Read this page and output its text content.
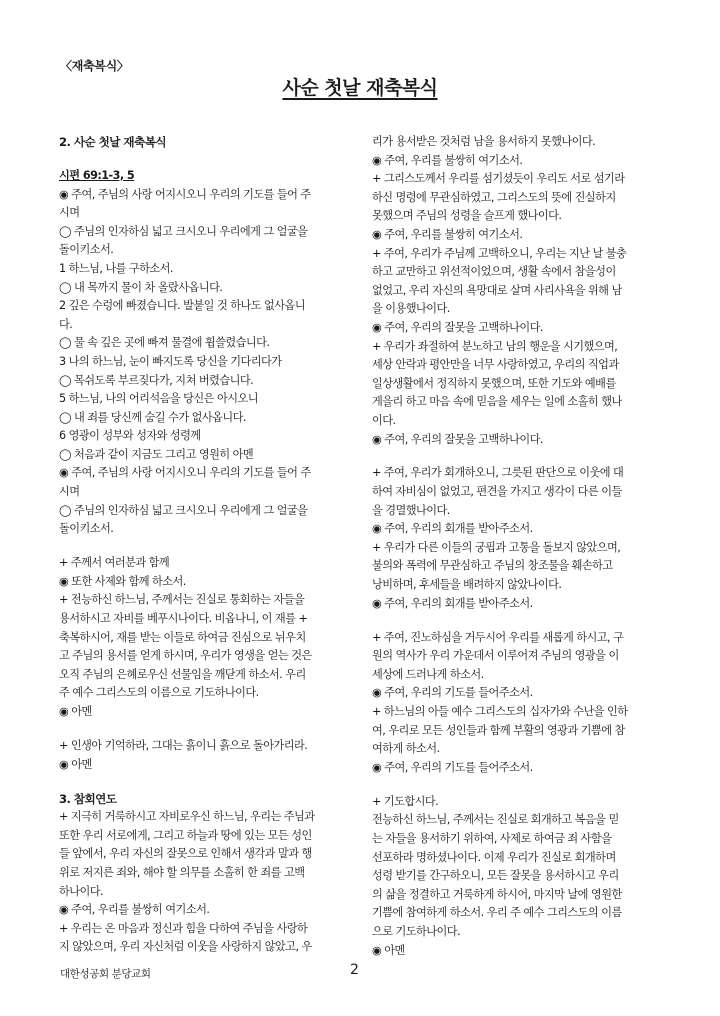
〈재축복식〉
사순 첫날 재축복식
2. 사순 첫날 재축복식
시편 69:1-3, 5
◉ 주여, 주님의 사랑 어지시오니 우리의 기도를 들어 주
시며
◯ 주님의 인자하심 넓고 크시오니 우리에게 그 얼굴을
돌이키소서.
1 하느님, 나를 구하소서.
◯ 내 목까지 물이 차 올랐사옵니다.
2 깊은 수렁에 빠졌습니다. 발붙일 것 하나도 없사옵니
다.
◯ 물 속 깊은 곳에 빠져 물결에 휩쓸렸습니다.
3 나의 하느님, 눈이 빠지도록 당신을 기다리다가
◯ 목쉬도록 부르짖다가, 지쳐 버렸습니다.
5 하느님, 나의 어리석음을 당신은 아시오니
◯ 내 죄를 당신께 숨길 수가 없사옵니다.
6 영광이 성부와 성자와 성령께
◯ 처음과 같이 지금도 그리고 영원히 아멘
◉ 주여, 주님의 사랑 어지시오니 우리의 기도를 들어 주
시며
◯ 주님의 인자하심 넓고 크시오니 우리에게 그 얼굴을
돌이키소서.
+ 주께서 여러분과 함께
◉ 또한 사제와 함께 하소서.
+ 전능하신 하느님, 주께서는 진실로 통회하는 자들을
용서하시고 자비를 베푸시나이다. 비옵나니, 이 재를 +
축복하시어, 재를 받는 이들로 하여금 진심으로 뉘우치
고 주님의 용서를 얻게 하시며, 우리가 영생을 얻는 것은
오직 주님의 은혜로우신 선물임을 깨닫게 하소서. 우리
주 예수 그리스도의 이름으로 기도하나이다.
◉ 아멘
+ 인생아 기억하라, 그대는 흙이니 흙으로 돌아가리라.
◉ 아멘
3. 참회연도
+ 지극히 거룩하시고 자비로우신 하느님, 우리는 주님과
또한 우리 서로에게, 그리고 하늘과 땅에 있는 모든 성인
들 앞에서, 우리 자신의 잘못으로 인해서 생각과 말과 행
위로 저지른 죄와, 해야 할 의무를 소홀히 한 죄를 고백
하나이다.
◉ 주여, 우리를 불쌍히 여기소서.
+ 우리는 온 마음과 정신과 힘을 다하여 주님을 사랑하
지 않았으며, 우리 자신처럼 이웃을 사랑하지 않았고, 우
리가 용서받은 것처럼 남을 용서하지 못했나이다.
◉ 주여, 우리를 불쌍히 여기소서.
+ 그리스도께서 우리를 섬기셨듯이 우리도 서로 섬기라
하신 명령에 무관심하였고, 그리스도의 뜻에 진실하지
못했으며 주님의 성령을 슬프게 했나이다.
◉ 주여, 우리를 불쌍히 여기소서.
+ 주여, 우리가 주님께 고백하오니, 우리는 지난 날 불충
하고 교만하고 위선적이었으며, 생활 속에서 참을성이
없었고, 우리 자신의 욕망대로 살며 사리사욕을 위해 남
을 이용했나이다.
◉ 주여, 우리의 잘못을 고백하나이다.
+ 우리가 좌절하여 분노하고 남의 행운을 시기했으며,
세상 안락과 평안만을 너무 사랑하였고, 우리의 직업과
일상생활에서 정직하지 못했으며, 또한 기도와 예배를
게을리 하고 마음 속에 믿음을 세우는 일에 소홀히 했나
이다.
◉ 주여, 우리의 잘못을 고백하나이다.
+ 주여, 우리가 회개하오니, 그릇된 판단으로 이웃에 대
하여 자비심이 없었고, 편견을 가지고 생각이 다른 이들
을 경멸했나이다.
◉ 주여, 우리의 회개를 받아주소서.
+ 우리가 다른 이들의 궁핍과 고통을 돌보지 않았으며,
불의와 폭력에 무관심하고 주님의 창조물을 훼손하고
낭비하며, 후세들을 배려하지 않았나이다.
◉ 주여, 우리의 회개를 받아주소서.
+ 주여, 진노하심을 거두시어 우리를 새롭게 하시고, 구
원의 역사가 우리 가운데서 이루어져 주님의 영광을 이
세상에 드러나게 하소서.
◉ 주여, 우리의 기도를 들어주소서.
+ 하느님의 아들 예수 그리스도의 십자가와 수난을 인하
여, 우리로 모든 성인들과 함께 부활의 영광과 기쁨에 참
여하게 하소서.
◉ 주여, 우리의 기도를 들어주소서.
+ 기도합시다.
전능하신 하느님, 주께서는 진실로 회개하고 복음을 믿
는 자들을 용서하기 위하여, 사제로 하여금 죄 사함을
선포하라 명하셨나이다. 이제 우리가 진실로 회개하며
성령 받기를 간구하오니, 모든 잘못을 용서하시고 우리
의 삶을 정결하고 거룩하게 하시어, 마지막 날에 영원한
기쁨에 참여하게 하소서. 우리 주 예수 그리스도의 이름
으로 기도하나이다.
◉ 아멘
대한성공회 분당교회	2
